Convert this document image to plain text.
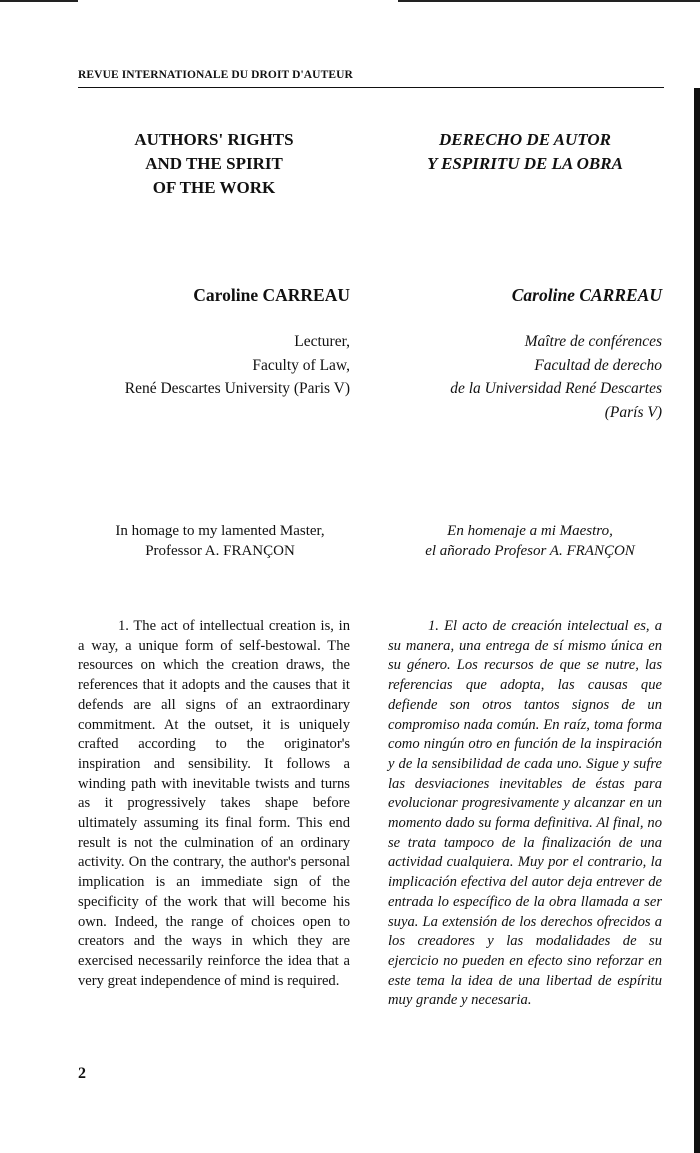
REVUE INTERNATIONALE DU DROIT D'AUTEUR
AUTHORS' RIGHTS
AND THE SPIRIT
OF THE WORK
DERECHO DE AUTOR
Y ESPIRITU DE LA OBRA
Caroline CARREAU	Caroline CARREAU
Lecturer,
Faculty of Law,
René Descartes University (Paris V)
Maître de conférences
Facultad de derecho
de la Universidad René Descartes
(París V)
In homage to my lamented Master,
Professor A. FRANÇON
En homenaje a mi Maestro,
el añorado Profesor A. FRANÇON

1. The act of intellectual creation is, in a way, a unique form of self-bestowal. The resources on which the creation draws, the references that it adopts and the causes that it defends are all signs of an extraordinary commitment. At the outset, it is uniquely crafted according to the originator's inspiration and sensibility. It follows a winding path with inevitable twists and turns as it progressively takes shape before ultimately assuming its final form. This end result is not the culmination of an ordinary activity. On the contrary, the author's personal implication is an immediate sign of the specificity of the work that will become his own. Indeed, the range of choices open to creators and the ways in which they are exercised necessarily reinforce the idea that a very great independence of mind is required.

1. El acto de creación intelectual es, a su manera, una entrega de sí mismo única en su género. Los recursos de que se nutre, las referencias que adopta, las causas que defiende son otros tantos signos de un compromiso nada común. En raíz, toma forma como ningún otro en función de la inspiración y de la sensibilidad de cada uno. Sigue y sufre las desviaciones inevitables de éstas para evolucionar progresivamente y alcanzar en un momento dado su forma definitiva. Al final, no se trata tampoco de la finalización de una actividad cualquiera. Muy por el contrario, la implicación efectiva del autor deja entrever de entrada lo específico de la obra llamada a ser suya. La extensión de los derechos ofrecidos a los creadores y las modalidades de su ejercicio no pueden en efecto sino reforzar en este tema la idea de una libertad de espíritu muy grande y necesaria.

2
